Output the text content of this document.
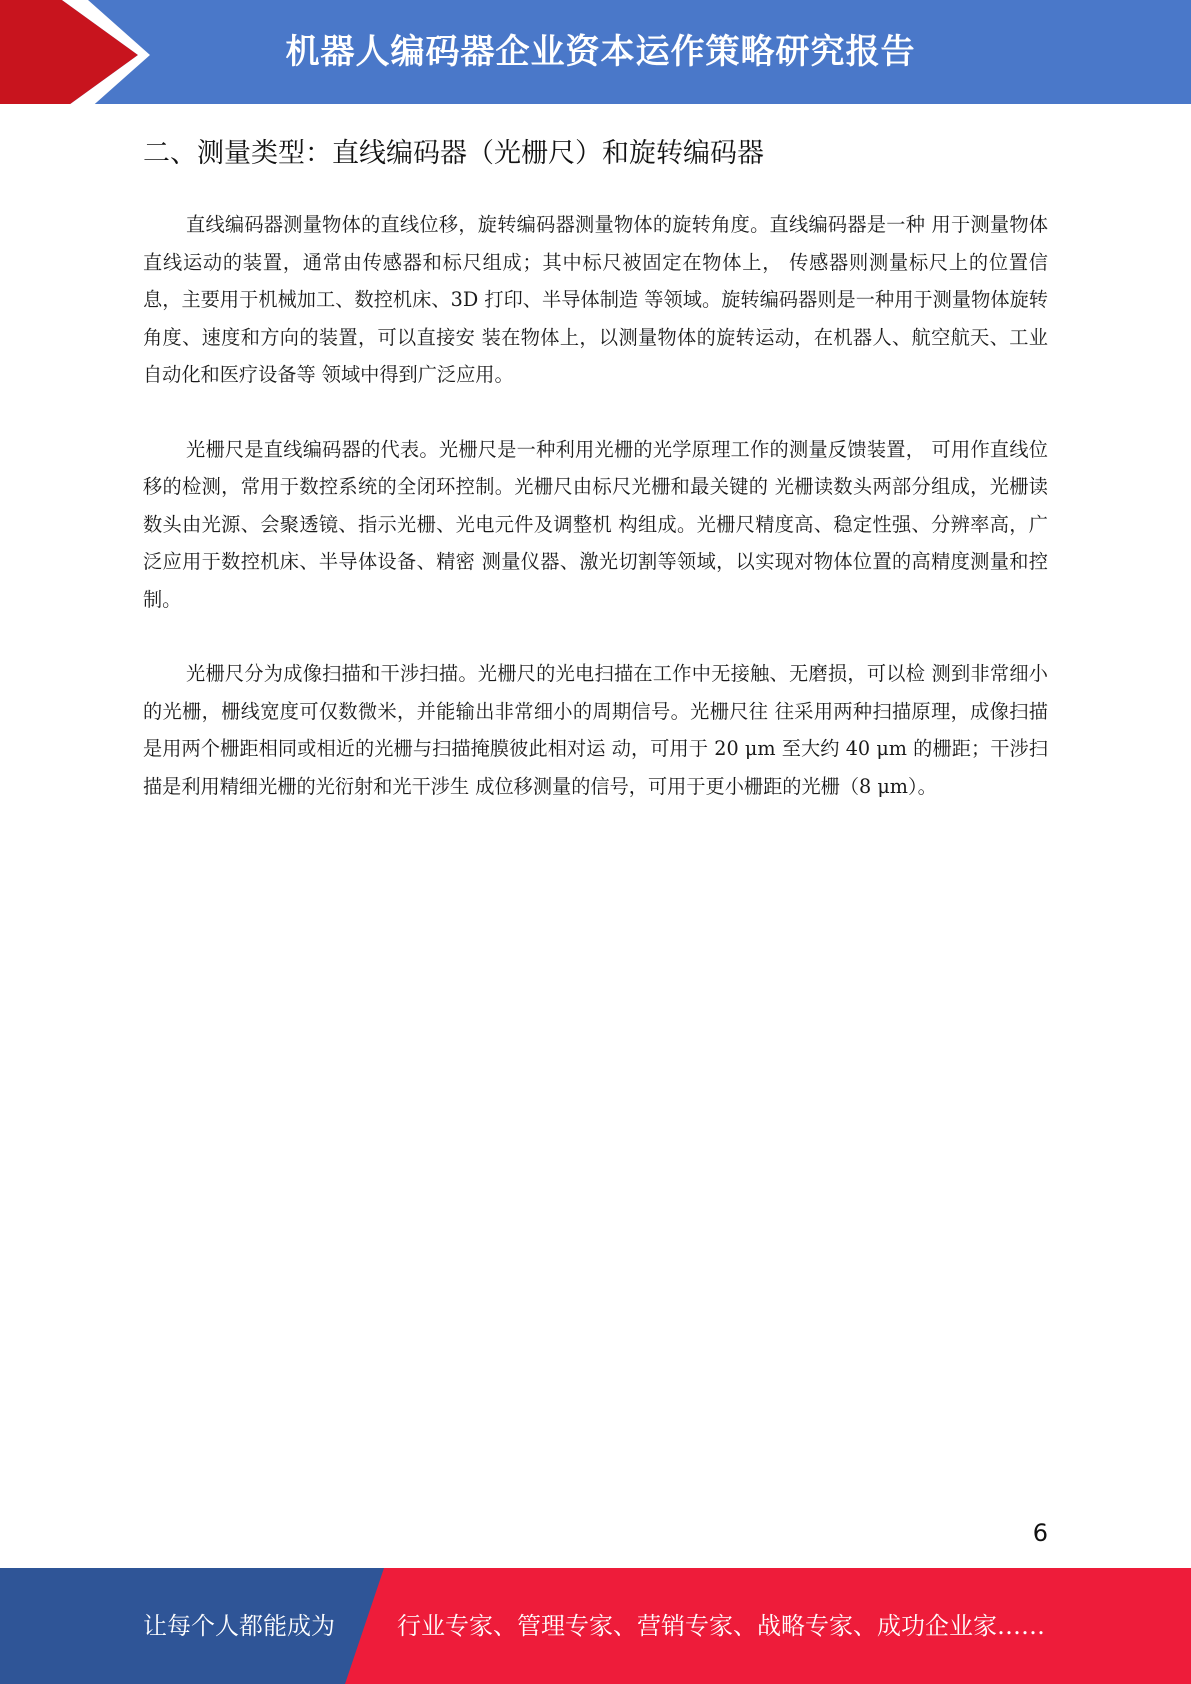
机器人编码器企业资本运作策略研究报告
二、测量类型：直线编码器（光栅尺）和旋转编码器

直线编码器测量物体的直线位移，旋转编码器测量物体的旋转角度。直线编码器是一种 用于测量物体直线运动的装置，通常由传感器和标尺组成；其中标尺被固定在物体上， 传感器则测量标尺上的位置信息，主要用于机械加工、数控机床、3D 打印、半导体制造 等领域。旋转编码器则是一种用于测量物体旋转角度、速度和方向的装置，可以直接安 装在物体上，以测量物体的旋转运动，在机器人、航空航天、工业自动化和医疗设备等 领域中得到广泛应用。

光栅尺是直线编码器的代表。光栅尺是一种利用光栅的光学原理工作的测量反馈装置， 可用作直线位移的检测，常用于数控系统的全闭环控制。光栅尺由标尺光栅和最关键的 光栅读数头两部分组成，光栅读数头由光源、会聚透镜、指示光栅、光电元件及调整机 构组成。光栅尺精度高、稳定性强、分辨率高，广泛应用于数控机床、半导体设备、精密 测量仪器、激光切割等领域，以实现对物体位置的高精度测量和控制。

光栅尺分为成像扫描和干涉扫描。光栅尺的光电扫描在工作中无接触、无磨损，可以检 测到非常细小的光栅，栅线宽度可仅数微米，并能输出非常细小的周期信号。光栅尺往 往采用两种扫描原理，成像扫描是用两个栅距相同或相近的光栅与扫描掩膜彼此相对运 动，可用于 20 μm 至大约 40 μm 的栅距；干涉扫描是利用精细光栅的光衍射和光干涉生 成位移测量的信号，可用于更小栅距的光栅（8 μm）。

6
让每个人都能成为	行业专家、管理专家、营销专家、战略专家、成功企业家……
